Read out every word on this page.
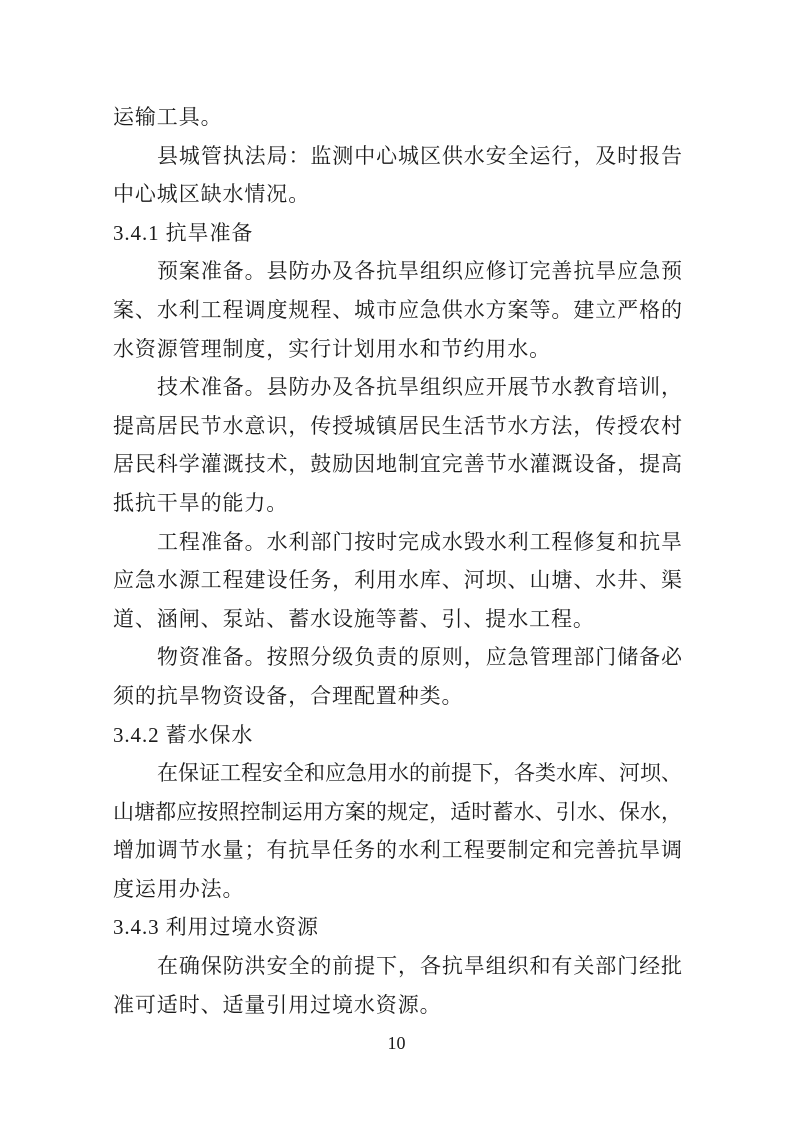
运输工具。
县城管执法局：监测中心城区供水安全运行，及时报告
中心城区缺水情况。
3.4.1 抗旱准备
预案准备。县防办及各抗旱组织应修订完善抗旱应急预
案、水利工程调度规程、城市应急供水方案等。建立严格的
水资源管理制度，实行计划用水和节约用水。
技术准备。县防办及各抗旱组织应开展节水教育培训，
提高居民节水意识，传授城镇居民生活节水方法，传授农村
居民科学灌溉技术，鼓励因地制宜完善节水灌溉设备，提高
抵抗干旱的能力。
工程准备。水利部门按时完成水毁水利工程修复和抗旱
应急水源工程建设任务，利用水库、河坝、山塘、水井、渠
道、涵闸、泵站、蓄水设施等蓄、引、提水工程。
物资准备。按照分级负责的原则，应急管理部门储备必
须的抗旱物资设备，合理配置种类。
3.4.2 蓄水保水
在保证工程安全和应急用水的前提下，各类水库、河坝、
山塘都应按照控制运用方案的规定，适时蓄水、引水、保水，
增加调节水量；有抗旱任务的水利工程要制定和完善抗旱调
度运用办法。
3.4.3 利用过境水资源
在确保防洪安全的前提下，各抗旱组织和有关部门经批
准可适时、适量引用过境水资源。
10
